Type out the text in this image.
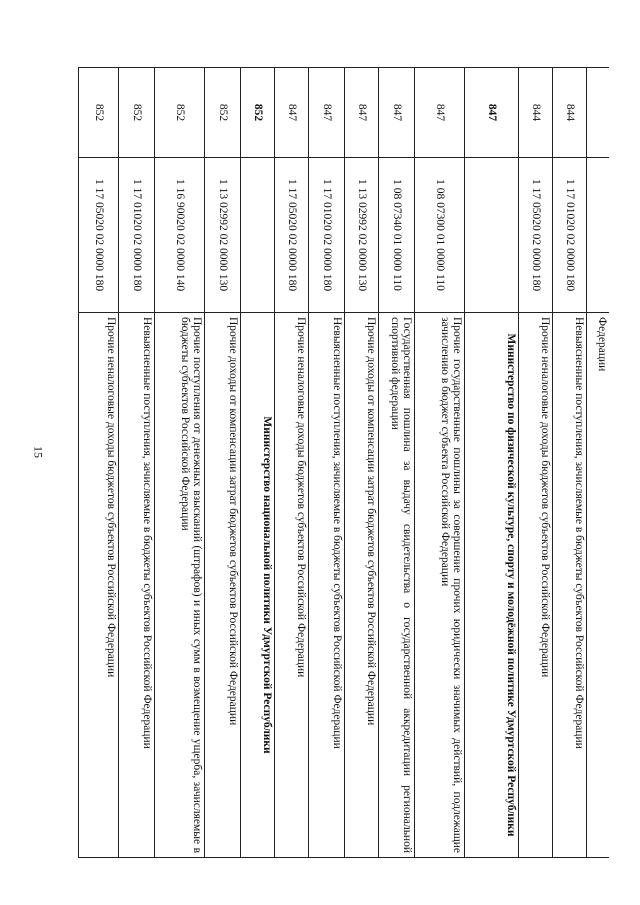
15
		Федерации
844	1 17 01020 02 0000 180	Невыясненные поступления, зачисляемые в бюджеты субъектов Российской Федерации
844	1 17 05020 02 0000 180	Прочие неналоговые доходы бюджетов субъектов Российской Федерации
847		Министерство по физической культуре, спорту и молодёжной политике Удмуртской Республики
847	1 08 07300 01 0000 110	Прочие государственные пошлины за совершение прочих юридически значимых действий, подлежащие зачислению в бюджет субъекта Российской Федерации
847	1 08 07340 01 0000 110	Государственная пошлина за выдачу свидетельства о государственной аккредитации региональной спортивной федерации
847	1 13 02992 02 0000 130	Прочие доходы от компенсации затрат бюджетов субъектов Российской Федерации
847	1 17 01020 02 0000 180	Невыясненные поступления, зачисляемые в бюджеты субъектов Российской Федерации
847	1 17 05020 02 0000 180	Прочие неналоговые доходы бюджетов субъектов Российской Федерации
852		Министерство национальной политики Удмуртской Республики
852	1 13 02992 02 0000 130	Прочие доходы от компенсации затрат бюджетов субъектов Российской Федерации
852	1 16 90020 02 0000 140	Прочие поступления от денежных взысканий (штрафов) и иных сумм в возмещение ущерба, зачисляемые в бюджеты субъектов Российской Федерации
852	1 17 01020 02 0000 180	Невыясненные поступления, зачисляемые в бюджеты субъектов Российской Федерации
852	1 17 05020 02 0000 180	Прочие неналоговые доходы бюджетов субъектов Российской Федерации
